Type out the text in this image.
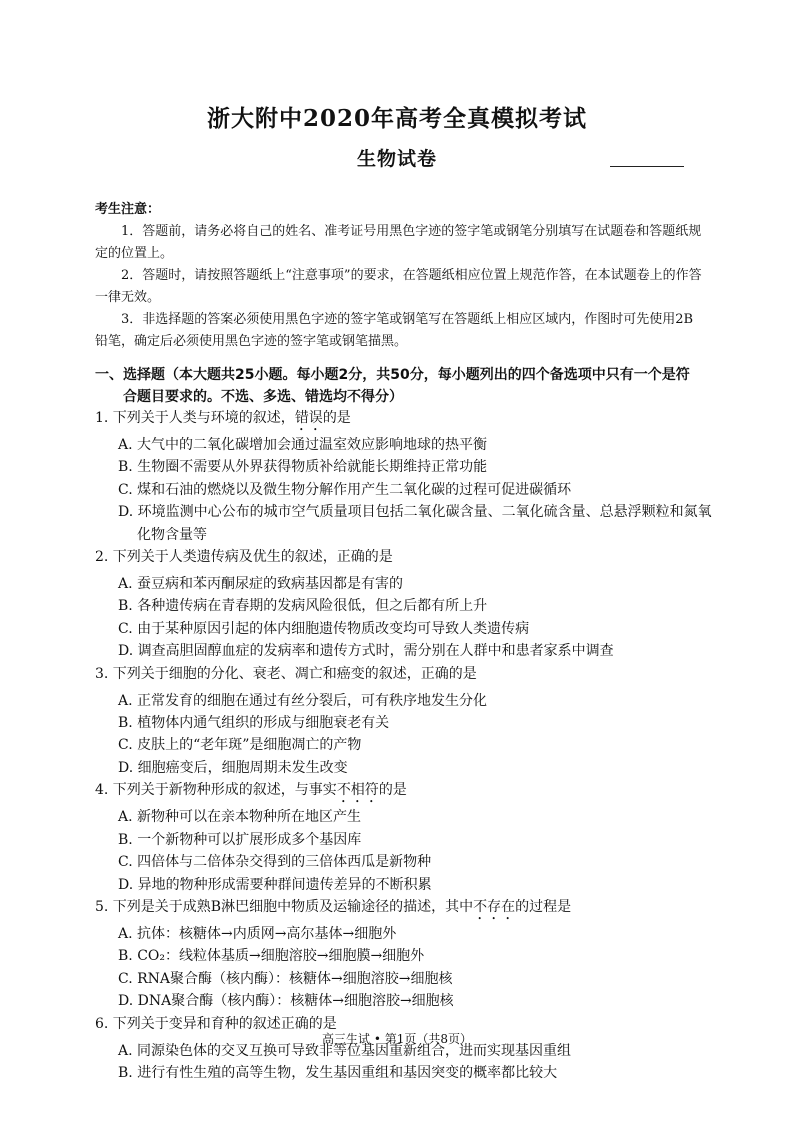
浙大附中2020年高考全真模拟考试
生物试卷
考生注意：

1．答题前，请务必将自己的姓名、准考证号用黑色字迹的签字笔或钢笔分别填写在试题卷和答题纸规定的位置上。

2．答题时，请按照答题纸上“注意事项”的要求，在答题纸相应位置上规范作答，在本试题卷上的作答一律无效。

3．非选择题的答案必须使用黑色字迹的签字笔或钢笔写在答题纸上相应区域内，作图时可先使用2B铅笔，确定后必须使用黑色字迹的签字笔或钢笔描黑。

一、选择题（本大题共25小题。每小题2分，共50分，每小题列出的四个备选项中只有一个是符
合题目要求的。不选、多选、错选均不得分）

1. 下列关于人类与环境的叙述，错误的是

A. 大气中的二氧化碳增加会通过温室效应影响地球的热平衡

B. 生物圈不需要从外界获得物质补给就能长期维持正常功能

C. 煤和石油的燃烧以及微生物分解作用产生二氧化碳的过程可促进碳循环

D. 环境监测中心公布的城市空气质量项目包括二氧化碳含量、二氧化硫含量、总悬浮颗粒和氮氧化物含量等

2. 下列关于人类遗传病及优生的叙述，正确的是

A. 蚕豆病和苯丙酮尿症的致病基因都是有害的

B. 各种遗传病在青春期的发病风险很低，但之后都有所上升

C. 由于某种原因引起的体内细胞遗传物质改变均可导致人类遗传病

D. 调查高胆固醇血症的发病率和遗传方式时，需分别在人群中和患者家系中调查

3. 下列关于细胞的分化、衰老、凋亡和癌变的叙述，正确的是

A. 正常发育的细胞在通过有丝分裂后，可有秩序地发生分化

B. 植物体内通气组织的形成与细胞衰老有关

C. 皮肤上的“老年斑”是细胞凋亡的产物

D. 细胞癌变后，细胞周期未发生改变

4. 下列关于新物种形成的叙述，与事实不相符的是

A. 新物种可以在亲本物种所在地区产生

B. 一个新物种可以扩展形成多个基因库

C. 四倍体与二倍体杂交得到的三倍体西瓜是新物种

D. 异地的物种形成需要种群间遗传差异的不断积累

5. 下列是关于成熟B淋巴细胞中物质及运输途径的描述，其中不存在的过程是

A. 抗体：核糖体→内质网→高尔基体→细胞外

B. CO₂：线粒体基质→细胞溶胶→细胞膜→细胞外

C. RNA聚合酶（核内酶）：核糖体→细胞溶胶→细胞核

D. DNA聚合酶（核内酶）：核糖体→细胞溶胶→细胞核

6. 下列关于变异和育种的叙述正确的是

A. 同源染色体的交叉互换可导致非等位基因重新组合，进而实现基因重组

B. 进行有性生殖的高等生物，发生基因重组和基因突变的概率都比较大

高三生试 • 第1页（共8页）
